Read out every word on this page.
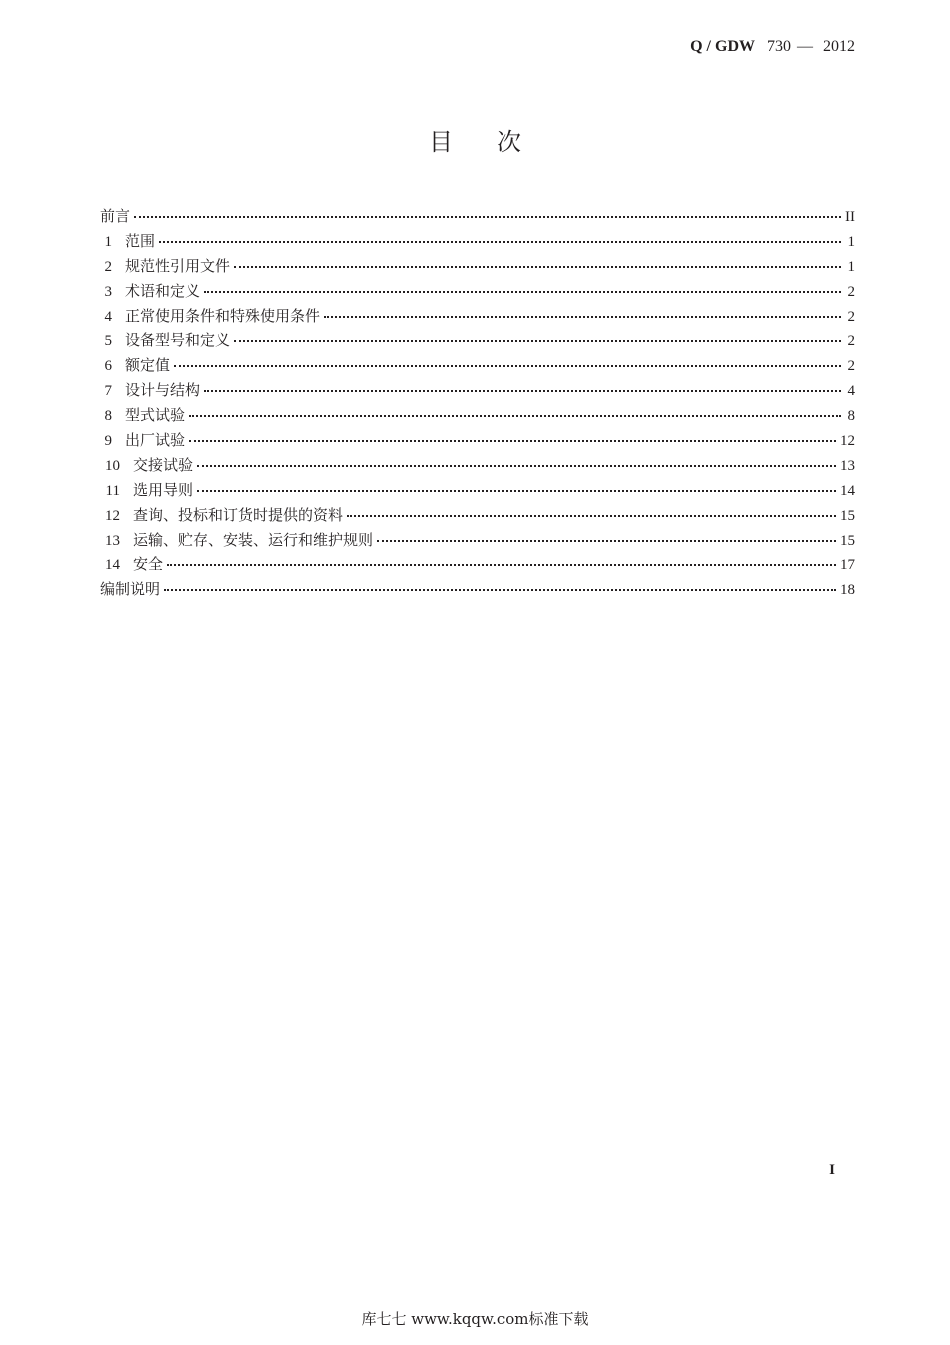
Q / GDW 730 — 2012
目次
前言	II
1 范围	1
2 规范性引用文件	1
3 术语和定义	2
4 正常使用条件和特殊使用条件	2
5 设备型号和定义	2
6 额定值	2
7 设计与结构	4
8 型式试验	8
9 出厂试验	12
10 交接试验	13
11 选用导则	14
12 查询、投标和订货时提供的资料	15
13 运输、贮存、安装、运行和维护规则	15
14 安全	17
编制说明	18
I
库七七 www.kqqw.com标准下载
